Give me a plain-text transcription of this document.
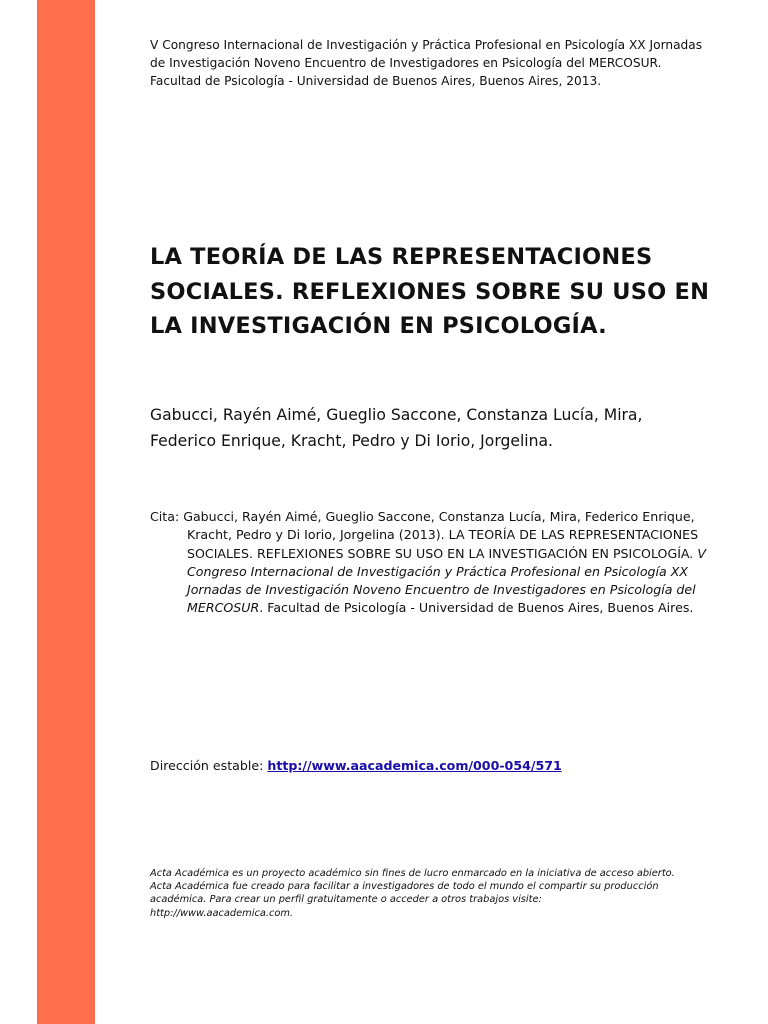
V Congreso Internacional de Investigación y Práctica Profesional en Psicología XX Jornadas de Investigación Noveno Encuentro de Investigadores en Psicología del MERCOSUR. Facultad de Psicología - Universidad de Buenos Aires, Buenos Aires, 2013.
LA TEORÍA DE LAS REPRESENTACIONES SOCIALES. REFLEXIONES SOBRE SU USO EN LA INVESTIGACIÓN EN PSICOLOGÍA.
Gabucci, Rayén Aimé, Gueglio Saccone, Constanza Lucía, Mira, Federico Enrique, Kracht, Pedro y Di Iorio, Jorgelina.
Cita: Gabucci, Rayén Aimé, Gueglio Saccone, Constanza Lucía, Mira, Federico Enrique, Kracht, Pedro y Di Iorio, Jorgelina (2013). LA TEORÍA DE LAS REPRESENTACIONES SOCIALES. REFLEXIONES SOBRE SU USO EN LA INVESTIGACIÓN EN PSICOLOGÍA. V Congreso Internacional de Investigación y Práctica Profesional en Psicología XX Jornadas de Investigación Noveno Encuentro de Investigadores en Psicología del MERCOSUR. Facultad de Psicología - Universidad de Buenos Aires, Buenos Aires.
Dirección estable: http://www.aacademica.com/000-054/571
Acta Académica es un proyecto académico sin fines de lucro enmarcado en la iniciativa de acceso abierto. Acta Académica fue creado para facilitar a investigadores de todo el mundo el compartir su producción académica. Para crear un perfil gratuitamente o acceder a otros trabajos visite: http://www.aacademica.com.
